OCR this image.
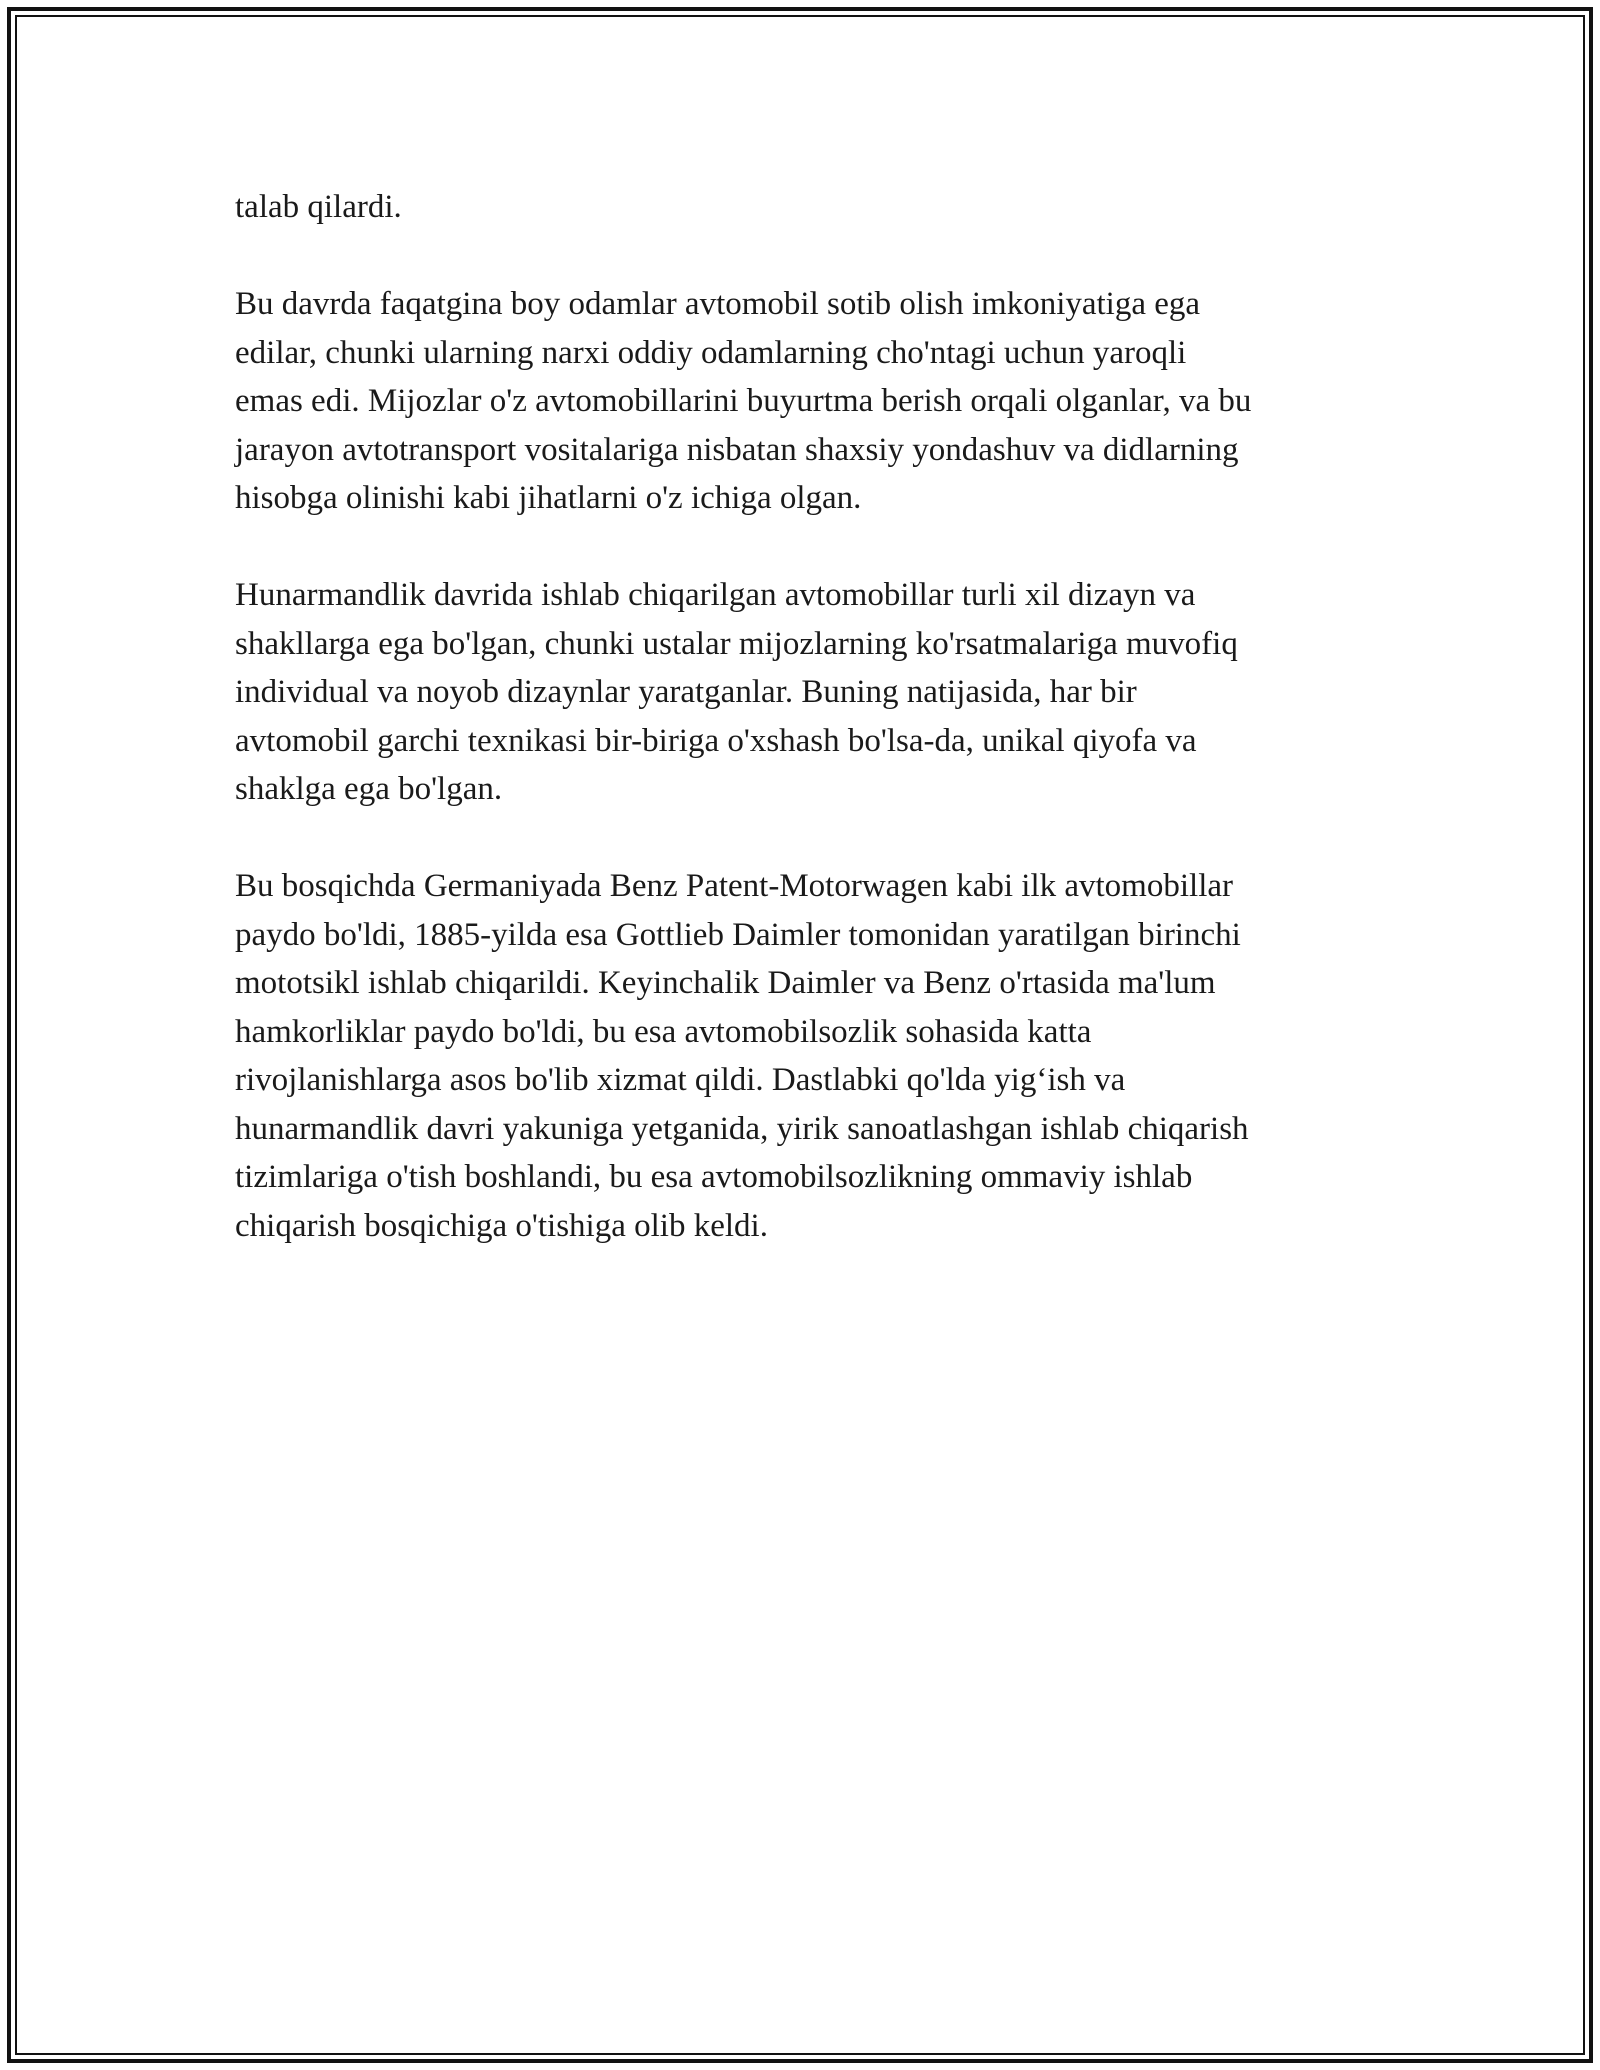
talab qilardi.

Bu davrda faqatgina boy odamlar avtomobil sotib olish imkoniyatiga ega
edilar, chunki ularning narxi oddiy odamlarning cho'ntagi uchun yaroqli
emas edi. Mijozlar o'z avtomobillarini buyurtma berish orqali olganlar, va bu
jarayon avtotransport vositalariga nisbatan shaxsiy yondashuv va didlarning
hisobga olinishi kabi jihatlarni o'z ichiga olgan.

Hunarmandlik davrida ishlab chiqarilgan avtomobillar turli xil dizayn va
shakllarga ega bo'lgan, chunki ustalar mijozlarning ko'rsatmalariga muvofiq
individual va noyob dizaynlar yaratganlar. Buning natijasida, har bir
avtomobil garchi texnikasi bir-biriga o'xshash bo'lsa-da, unikal qiyofa va
shaklga ega bo'lgan.

Bu bosqichda Germaniyada Benz Patent-Motorwagen kabi ilk avtomobillar
paydo bo'ldi, 1885-yilda esa Gottlieb Daimler tomonidan yaratilgan birinchi
mototsikl ishlab chiqarildi. Keyinchalik Daimler va Benz o'rtasida ma'lum
hamkorliklar paydo bo'ldi, bu esa avtomobilsozlik sohasida katta
rivojlanishlarga asos bo'lib xizmat qildi. Dastlabki qo'lda yig‘ish va
hunarmandlik davri yakuniga yetganida, yirik sanoatlashgan ishlab chiqarish
tizimlariga o'tish boshlandi, bu esa avtomobilsozlikning ommaviy ishlab
chiqarish bosqichiga o'tishiga olib keldi.
